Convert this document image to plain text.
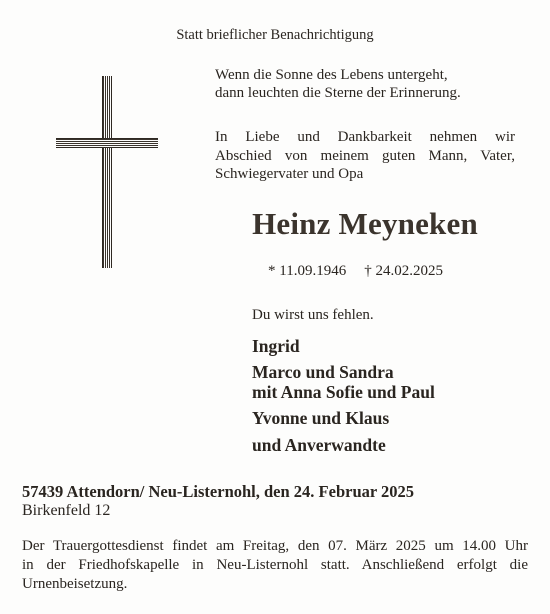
Statt brieflicher Benachrichtigung

Wenn die Sonne des Lebens untergeht,
dann leuchten die Sterne der Erinnerung.
In Liebe und Dankbarkeit nehmen wir
Abschied von meinem guten Mann, Vater,
Schwiegervater und Opa

Heinz Meyneken

* 11.09.1946 † 24.02.2025

Du wirst uns fehlen.

Ingrid
Marco und Sandra
mit Anna Sofie und Paul
Yvonne und Klaus
und Anverwandte

57439 Attendorn/ Neu-Listernohl, den 24. Februar 2025

Birkenfeld 12

Der Trauergottesdienst findet am Freitag, den 07. März 2025 um 14.00 Uhr
in der Friedhofskapelle in Neu-Listernohl statt. Anschließend erfolgt die
Urnenbeisetzung.
